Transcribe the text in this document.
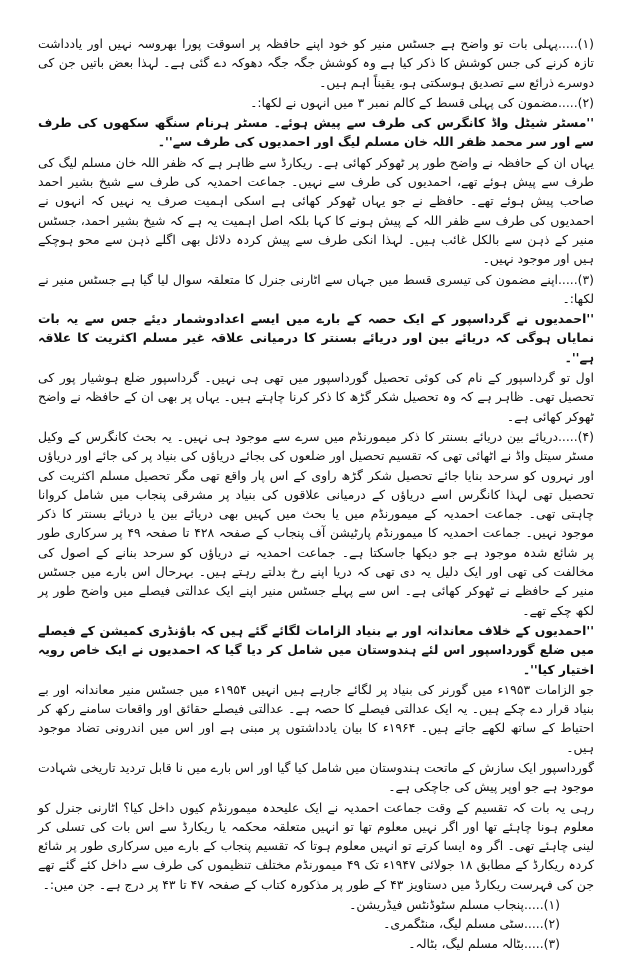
(۱).....پہلی بات تو واضح ہے جسٹس منیر کو خود اپنے حافظہ پر اسوقت پورا بھروسہ نہیں اور یادداشت تازہ کرنے کی جس کوشش کا ذکر کیا ہے وہ کوشش جگہ جگہ دھوکہ دے گئی ہے۔ لہذا بعض باتیں جن کی دوسرے ذرائع سے تصدیق ہوسکتی ہو، یقیناً اہم ہیں۔

(۲).....مضمون کی پہلی قسط کے کالم نمبر ۳ میں انہوں نے لکھا:۔

''مسٹر شیٹل واڈ کانگرس کی طرف سے پیش ہوئے۔ مسٹر ہرنام سنگھ سکھوں کی طرف سے اور سر محمد ظفر اللہ خان مسلم لیگ اور احمدیوں کی طرف سے''۔

یہاں ان کے حافظہ نے واضح طور پر ٹھوکر کھائی ہے۔ ریکارڈ سے ظاہر ہے کہ ظفر اللہ خان مسلم لیگ کی طرف سے پیش ہوئے تھے، احمدیوں کی طرف سے نہیں۔ جماعت احمدیہ کی طرف سے شیخ بشیر احمد صاحب پیش ہوئے تھے۔ حافظے نے جو یہاں ٹھوکر کھائی ہے اسکی اہمیت صرف یہ نہیں کہ انہوں نے احمدیوں کی طرف سے ظفر اللہ کے پیش ہونے کا کہا بلکہ اصل اہمیت یہ ہے کہ شیخ بشیر احمد، جسٹس منیر کے ذہن سے بالکل غائب ہیں۔ لہذا انکی طرف سے پیش کردہ دلائل بھی اگلے ذہن سے محو ہوچکے ہیں اور موجود نہیں۔

(۳).....اپنے مضمون کی تیسری قسط میں جہاں سے اٹارنی جنرل کا متعلقہ سوال لیا گیا ہے جسٹس منیر نے لکھا:۔

''احمدیوں نے گرداسپور کے ایک حصہ کے بارے میں ایسے اعدادوشمار دیئے جس سے یہ بات نمایاں ہوگی کہ دریائے بین اور دریائے بسنتر کا درمیانی علاقہ غیر مسلم اکثریت کا علاقہ ہے''۔

اول تو گرداسپور کے نام کی کوئی تحصیل گورداسپور میں تھی ہی نہیں۔ گرداسپور ضلع ہوشیار پور کی تحصیل تھی۔ ظاہر ہے کہ وہ تحصیل شکر گڑھ کا ذکر کرنا چاہتے ہیں۔ یہاں پر بھی ان کے حافظہ نے واضح ٹھوکر کھائی ہے۔

(۴).....دریائے بین دریائے بسنتر کا ذکر میمورنڈم میں سرے سے موجود ہی نہیں۔ یہ بحث کانگرس کے وکیل مسٹر سیتل واڈ نے اٹھائی تھی کہ تقسیم تحصیل اور ضلعوں کی بجائے دریاؤں کی بنیاد پر کی جائے اور دریاؤں اور نہروں کو سرحد بنایا جائے تحصیل شکر گڑھ راوی کے اس پار واقع تھی مگر تحصیل مسلم اکثریت کی تحصیل تھی لہذا کانگرس اسے دریاؤں کے درمیانی علاقوں کی بنیاد پر مشرقی پنجاب میں شامل کروانا چاہتی تھی۔ جماعت احمدیہ کے میمورنڈم میں یا بحث میں کہیں بھی دریائے بین یا دریائے بسنتر کا ذکر موجود نہیں۔ جماعت احمدیہ کا میمورنڈم پارٹیشن آف پنجاب کے صفحہ ۴۲۸ تا صفحہ ۴۹ پر سرکاری طور پر شائع شدہ موجود ہے جو دیکھا جاسکتا ہے۔ جماعت احمدیہ نے دریاؤں کو سرحد بنانے کے اصول کی مخالفت کی تھی اور ایک دلیل یہ دی تھی کہ دریا اپنے رخ بدلتے رہتے ہیں۔ بہرحال اس بارے میں جسٹس منیر کے حافظے نے ٹھوکر کھائی ہے۔ اس سے پہلے جسٹس منیر اپنے ایک عدالتی فیصلے میں واضح طور پر لکھ چکے تھے۔

''احمدیوں کے خلاف معاندانہ اور بے بنیاد الزامات لگائے گئے ہیں کہ باؤنڈری کمیشن کے فیصلے میں ضلع گورداسپور اس لئے ہندوستان میں شامل کر دیا گیا کہ احمدیوں نے ایک خاص رویہ اختیار کیا''۔

جو الزامات ۱۹۵۳ء میں گورنر کی بنیاد پر لگائے جارہے ہیں انہیں ۱۹۵۴ء میں جسٹس منیر معاندانہ اور بے بنیاد قرار دے چکے ہیں۔ یہ ایک عدالتی فیصلے کا حصہ ہے۔ عدالتی فیصلے حقائق اور واقعات سامنے رکھ کر احتیاط کے ساتھ لکھے جاتے ہیں۔ ۱۹۶۴ء کا بیان یادداشتوں پر مبنی ہے اور اس میں اندرونی تضاد موجود ہیں۔

گورداسپور ایک سازش کے ماتحت ہندوستان میں شامل کیا گیا اور اس بارے میں نا قابل تردید تاریخی شہادت موجود ہے جو اوپر پیش کی جاچکی ہے۔

رہی یہ بات کہ تقسیم کے وقت جماعت احمدیہ نے ایک علیحدہ میمورنڈم کیوں داخل کیا؟ اٹارنی جنرل کو معلوم ہونا چاہئے تھا اور اگر نہیں معلوم تھا تو انہیں متعلقہ محکمہ یا ریکارڈ سے اس بات کی تسلی کر لینی چاہئے تھی۔ اگر وہ ایسا کرتے تو انہیں معلوم ہوتا کہ تقسیم پنجاب کے بارے میں سرکاری طور پر شائع کردہ ریکارڈ کے مطابق ۱۸ جولائی ۱۹۴۷ء تک ۴۹ میمورنڈم مختلف تنظیموں کی طرف سے داخل کئے گئے تھے جن کی فہرست ریکارڈ میں دستاویز ۴۳ کے طور پر مذکورہ کتاب کے صفحہ ۴۷ تا ۴۳ پر درج ہے۔ جن میں:۔

(۱).....پنجاب مسلم سٹوڈنٹس فیڈریشن۔

(۲).....سٹی مسلم لیگ، منٹگمری۔

(۳).....بٹالہ مسلم لیگ، بٹالہ۔
